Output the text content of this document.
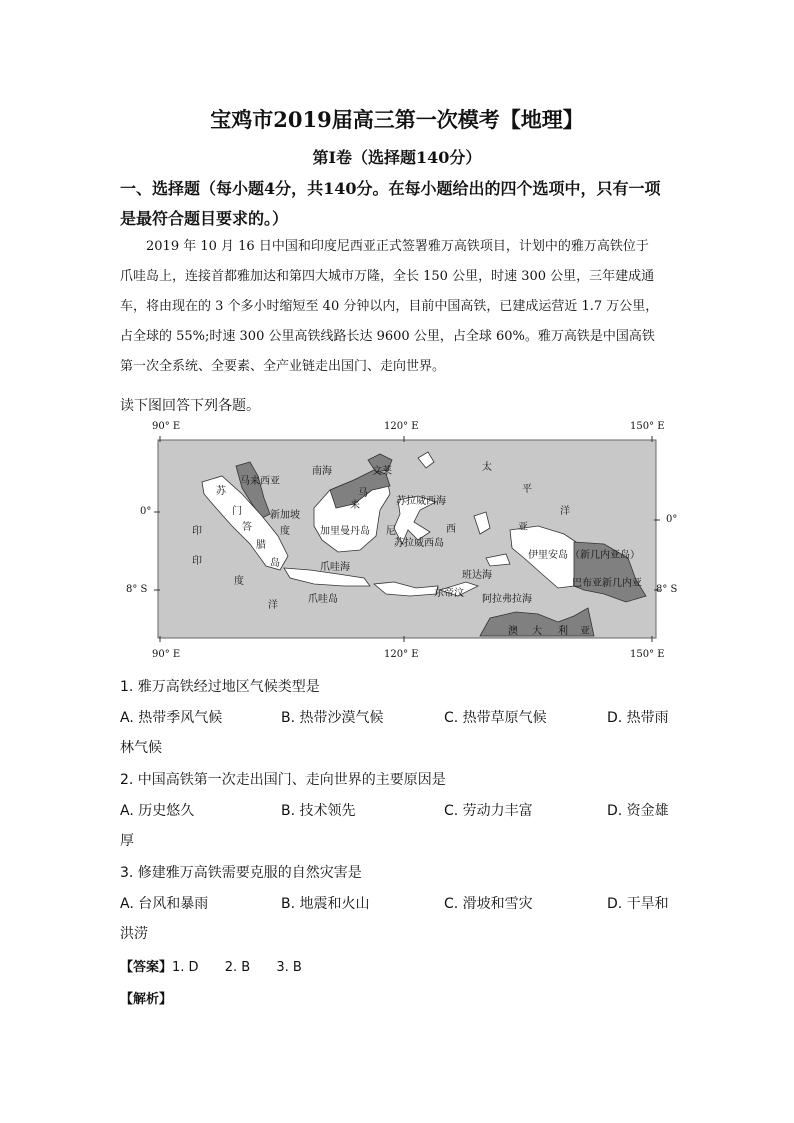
宝鸡市2019届高三第一次模考【地理】
第Ⅰ卷（选择题140分）
一、选择题（每小题4分，共140分。在每小题给出的四个选项中，只有一项
是最符合题目要求的。）
2019 年 10 月 16 日中国和印度尼西亚正式签署雅万高铁项目，计划中的雅万高铁位于
爪哇岛上，连接首都雅加达和第四大城市万隆，全长 150 公里，时速 300 公里，三年建成通
车，将由现在的 3 个多小时缩短至 40 分钟以内，目前中国高铁，已建成运营近 1.7 万公里，
占全球的 55%;时速 300 公里高铁线路长达 9600 公里，占全球 60%。雅万高铁是中国高铁
第一次全系统、全要素、全产业链走出国门、走向世界。
读下图回答下列各题。
90° E	120° E	150° E
90° E	120° E	150° E
0°
8° S
0°
8° S
马来西亚
南海	文莱
苏
门
答
腊
岛
新加坡
马
来	苏拉威西海
加里曼丹岛 尼	西
度
苏拉威西岛
爪哇海
爪哇岛
班达海
东帝汶
阿拉弗拉海
伊里安岛 （新几内亚岛）
巴布亚新几内亚
太
平
洋
亚
印
印
度
洋
澳 大 利 亚
1. 雅万高铁经过地区气候类型是
A. 热带季风气候	B. 热带沙漠气候	C. 热带草原气候	D. 热带雨
林气候
2. 中国高铁第一次走出国门、走向世界的主要原因是
A. 历史悠久	B. 技术领先	C. 劳动力丰富	D. 资金雄
厚
3. 修建雅万高铁需要克服的自然灾害是
A. 台风和暴雨	B. 地震和火山	C. 滑坡和雪灾	D. 干旱和
洪涝
【答案】1. D 2. B 3. B
【解析】
